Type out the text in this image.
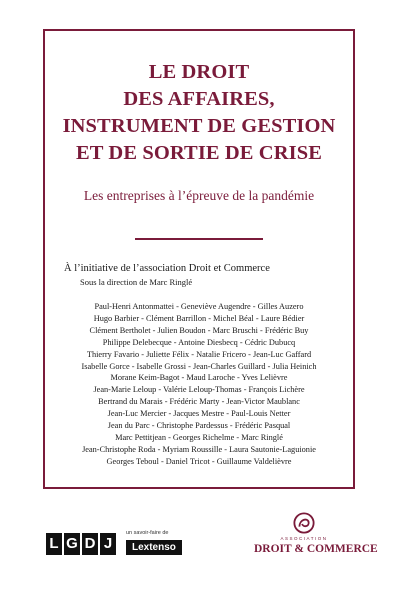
LE DROIT
DES AFFAIRES,
INSTRUMENT DE GESTION
ET DE SORTIE DE CRISE
Les entreprises à l’épreuve de la pandémie
À l’initiative de l’association Droit et Commerce
Sous la direction de Marc Ringlé
Paul-Henri Antonmattei - Geneviève Augendre - Gilles Auzero
Hugo Barbier - Clément Barrillon - Michel Béal - Laure Bédier
Clément Bertholet - Julien Boudon - Marc Bruschi - Frédéric Buy
Philippe Delebecque - Antoine Diesbecq - Cédric Dubucq
Thierry Favario - Juliette Félix - Natalie Fricero - Jean-Luc Gaffard
Isabelle Gorce - Isabelle Grossi - Jean-Charles Guillard - Julia Heinich
Morane Keim-Bagot - Maud Laroche - Yves Lelièvre
Jean-Marie Leloup - Valérie Leloup-Thomas - François Lichère
Bertrand du Marais - Frédéric Marty - Jean-Victor Maublanc
Jean-Luc Mercier - Jacques Mestre - Paul-Louis Netter
Jean du Parc - Christophe Pardessus - Frédéric Pasqual
Marc Pettitjean - Georges Richelme - Marc Ringlé
Jean-Christophe Roda - Myriam Roussille - Laura Sautonie-Laguionie
Georges Teboul - Daniel Tricot - Guillaume Valdelièvre
L G D J
un savoir-faire de
Lextenso
ASSOCIATION
DROIT & COMMERCE
